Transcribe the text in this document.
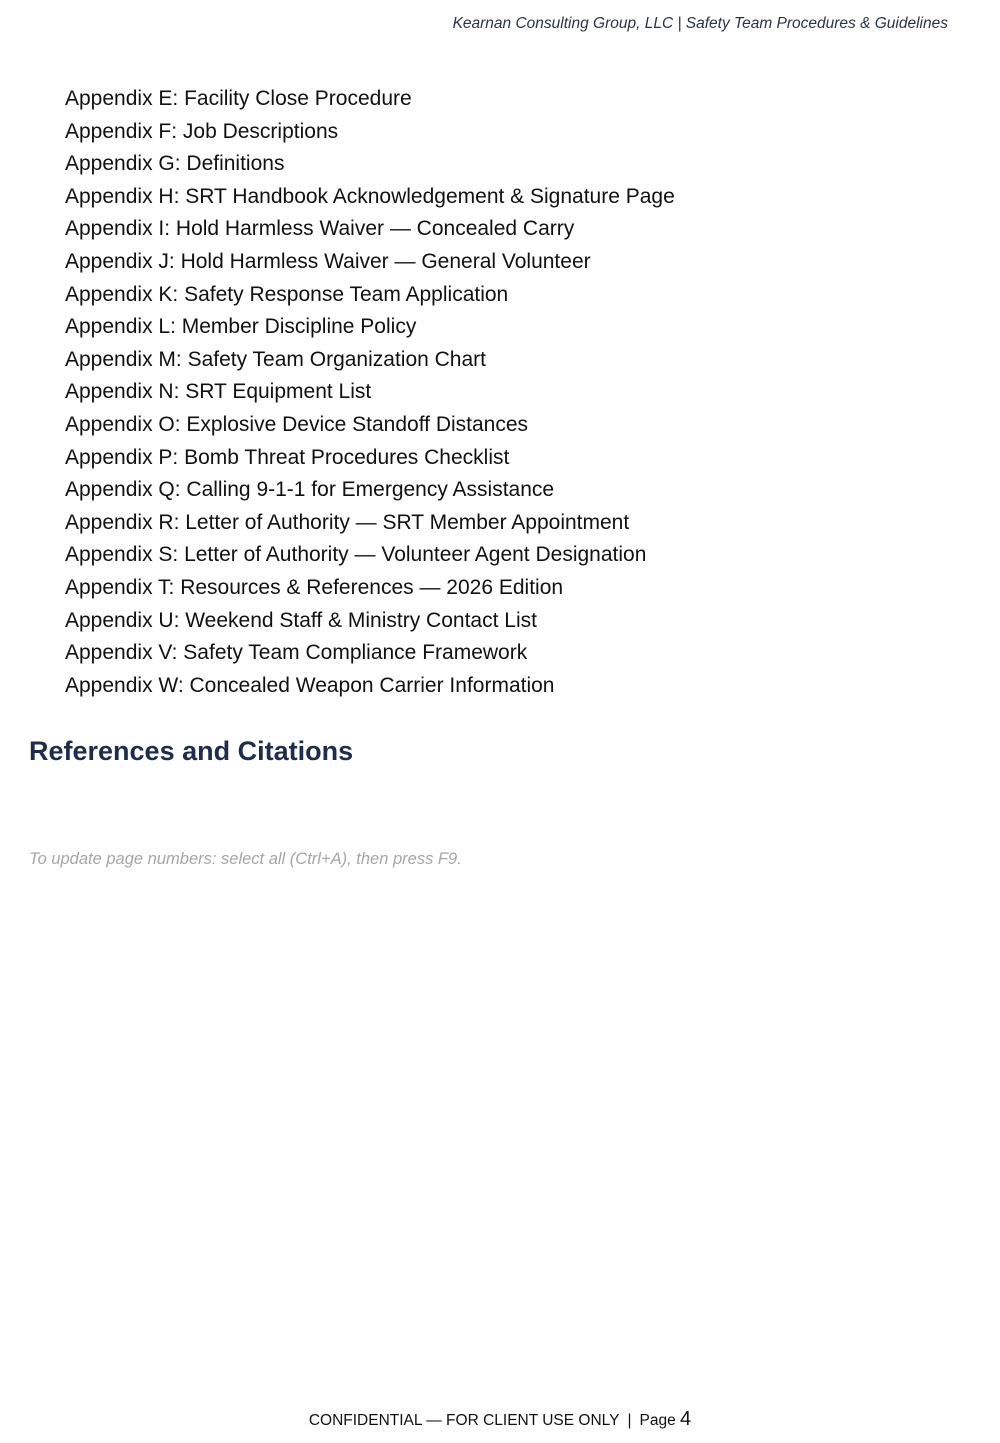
Kearnan Consulting Group, LLC | Safety Team Procedures & Guidelines
Appendix E: Facility Close Procedure
Appendix F: Job Descriptions
Appendix G: Definitions
Appendix H: SRT Handbook Acknowledgement & Signature Page
Appendix I: Hold Harmless Waiver — Concealed Carry
Appendix J: Hold Harmless Waiver — General Volunteer
Appendix K: Safety Response Team Application
Appendix L: Member Discipline Policy
Appendix M: Safety Team Organization Chart
Appendix N: SRT Equipment List
Appendix O: Explosive Device Standoff Distances
Appendix P: Bomb Threat Procedures Checklist
Appendix Q: Calling 9-1-1 for Emergency Assistance
Appendix R: Letter of Authority — SRT Member Appointment
Appendix S: Letter of Authority — Volunteer Agent Designation
Appendix T: Resources & References — 2026 Edition
Appendix U: Weekend Staff & Ministry Contact List
Appendix V: Safety Team Compliance Framework
Appendix W: Concealed Weapon Carrier Information
References and Citations
To update page numbers: select all (Ctrl+A), then press F9.
CONFIDENTIAL — FOR CLIENT USE ONLY | Page 4
